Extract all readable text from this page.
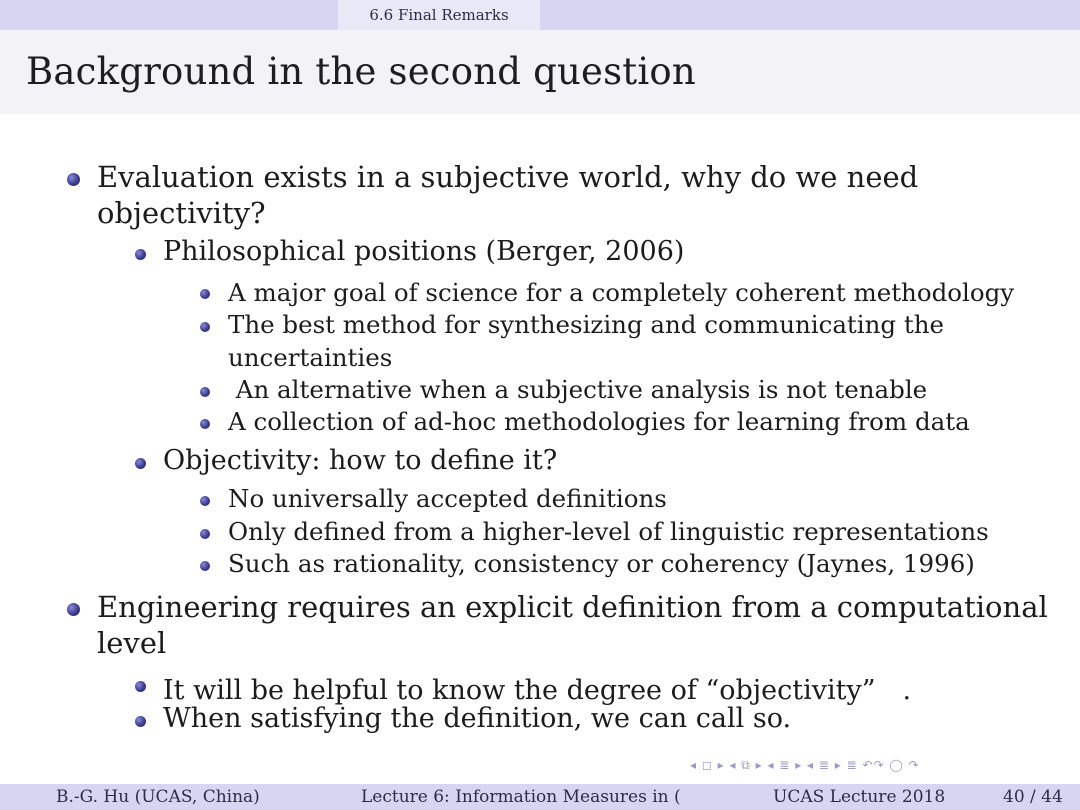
6.6 Final Remarks
Background in the second question
Evaluation exists in a subjective world, why do we need
objectivity?
Philosophical positions (Berger, 2006)
A major goal of science for a completely coherent methodology
The best method for synthesizing and communicating the
uncertainties
An alternative when a subjective analysis is not tenable
A collection of ad-hoc methodologies for learning from data
Objectivity: how to define it?
No universally accepted definitions
Only defined from a higher-level of linguistic representations
Such as rationality, consistency or coherency (Jaynes, 1996)
Engineering requires an explicit definition from a computational
level
It will be helpful to know the degree of “objectivity”　.
When satisfying the definition, we can call so.
◂ ◻ ▸ ◂ ⧉ ▸ ◂ ≣ ▸ ◂ ≣ ▸ ≣ ↶↷ ◯ ↷
B.-G. Hu (UCAS, China)	Lecture 6: Information Measures in (	UCAS Lecture 2018	40 / 44
